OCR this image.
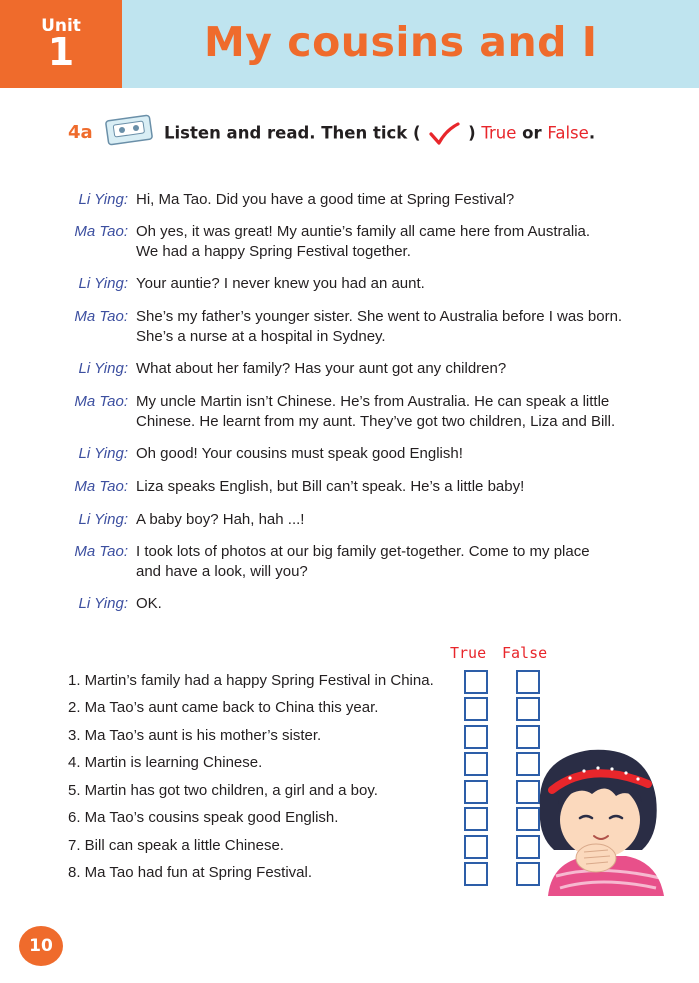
Unit
1	My cousins and I
4a	Listen and read. Then tick (	) True or False.
Li Ying: Hi, Ma Tao. Did you have a good time at Spring Festival?
Ma Tao: Oh yes, it was great! My auntie’s family all came here from Australia.
We had a happy Spring Festival together.
Li Ying: Your auntie? I never knew you had an aunt.
Ma Tao: She’s my father’s younger sister. She went to Australia before I was born.
She’s a nurse at a hospital in Sydney.
Li Ying: What about her family? Has your aunt got any children?
Ma Tao: My uncle Martin isn’t Chinese. He’s from Australia. He can speak a little
Chinese. He learnt from my aunt. They’ve got two children, Liza and Bill.
Li Ying: Oh good! Your cousins must speak good English!
Ma Tao: Liza speaks English, but Bill can’t speak. He’s a little baby!
Li Ying: A baby boy? Hah, hah ...!
Ma Tao: I took lots of photos at our big family get-together. Come to my place
and have a look, will you?
Li Ying: OK.
True False
1. Martin’s family had a happy Spring Festival in China.
2. Ma Tao’s aunt came back to China this year.
3. Ma Tao’s aunt is his mother’s sister.
4. Martin is learning Chinese.
5. Martin has got two children, a girl and a boy.
6. Ma Tao’s cousins speak good English.
7. Bill can speak a little Chinese.
8. Ma Tao had fun at Spring Festival.
10
